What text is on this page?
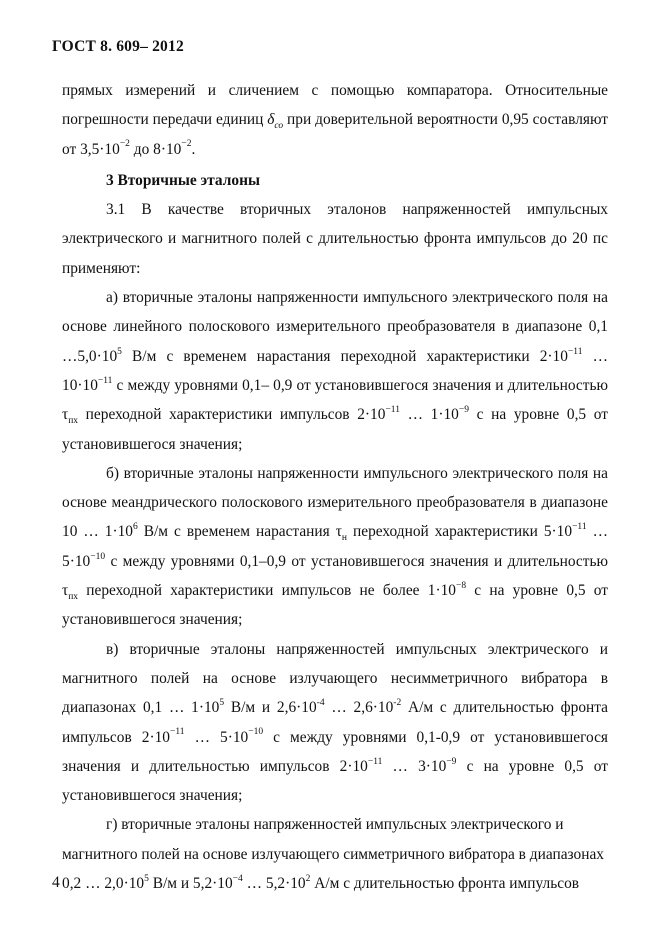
ГОСТ 8. 609– 2012

прямых измерений и сличением с помощью компаратора. Относительные погрешности передачи единиц $\delta_{со}$ при доверительной вероятности 0,95 составляют от $3,5\cdot 10^{-2}$ до $8\cdot 10^{-2}$.

3 Вторичные эталоны

3.1 В качестве вторичных эталонов напряженностей импульсных электрического и магнитного полей с длительностью фронта импульсов до 20 пс применяют:

а) вторичные эталоны напряженности импульсного электрического поля на основе линейного полоскового измерительного преобразователя в диапазоне 0,1 $\dots 5,0\cdot 10^5$ В/м с временем нарастания переходной характеристики $2\cdot 10^{-11}$ … $10\cdot 10^{-11}$ с между уровнями 0,1– 0,9 от установившегося значения и длительностью $\tau_{пх}$ переходной характеристики импульсов $2\cdot 10^{-11}$ … $1\cdot 10^{-9}$ с на уровне 0,5 от установившегося значения;

б) вторичные эталоны напряженности импульсного электрического поля на основе меандрического полоскового измерительного преобразователя в диапазоне 10 … $1\cdot 10^6$ В/м с временем нарастания $\tau_н$ переходной характеристики $5\cdot 10^{-11}$ … $5\cdot 10^{-10}$ с между уровнями 0,1–0,9 от установившегося значения и длительностью $\tau_{пх}$ переходной характеристики импульсов не более $1\cdot 10^{-8}$ с на уровне 0,5 от установившегося значения;

в) вторичные эталоны напряженностей импульсных электрического и магнитного полей на основе излучающего несимметричного вибратора в диапазонах 0,1 … $1\cdot 10^5$ В/м и $2,6\cdot 10^{-4}$ … $2,6\cdot 10^{-2}$ А/м с длительностью фронта импульсов $2\cdot 10^{-11}$ … $5\cdot 10^{-10}$ с между уровнями 0,1-0,9 от установившегося значения и длительностью импульсов $2\cdot 10^{-11}$ … $3\cdot 10^{-9}$ с на уровне 0,5 от установившегося значения;

г) вторичные эталоны напряженностей импульсных электрического и магнитного полей на основе излучающего симметричного вибратора в диапазонах 0,2 … $2,0\cdot 10^5$ В/м и $5,2\cdot 10^{-4}$ … $5,2\cdot 10^2$ А/м с длительностью фронта импульсов

4
